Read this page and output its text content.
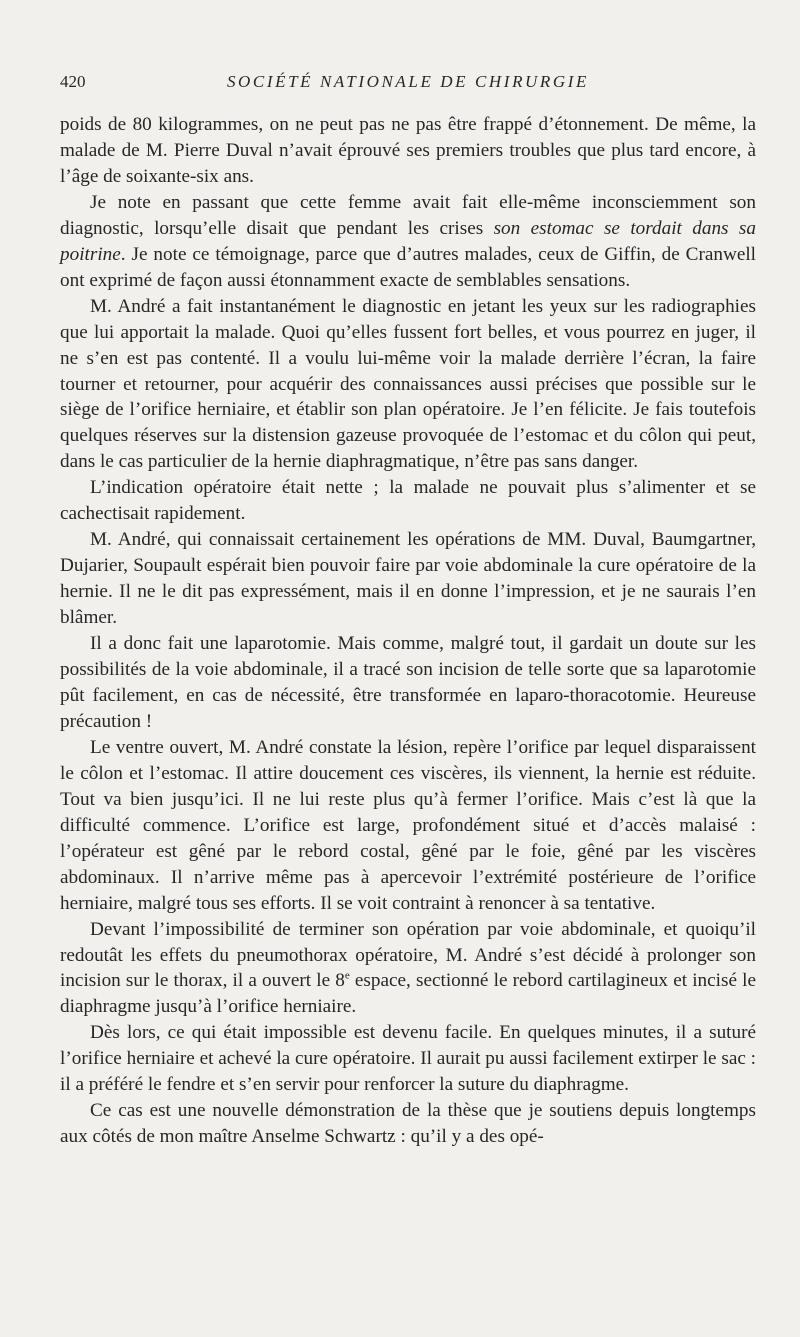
420	SOCIÉTÉ NATIONALE DE CHIRURGIE

poids de 80 kilogrammes, on ne peut pas ne pas être frappé d’étonnement. De même, la malade de M. Pierre Duval n’avait éprouvé ses premiers troubles que plus tard encore, à l’âge de soixante-six ans.

Je note en passant que cette femme avait fait elle-même inconsciemment son diagnostic, lorsqu’elle disait que pendant les crises son estomac se tordait dans sa poitrine. Je note ce témoignage, parce que d’autres malades, ceux de Giffin, de Cranwell ont exprimé de façon aussi étonnamment exacte de semblables sensations.

M. André a fait instantanément le diagnostic en jetant les yeux sur les radiographies que lui apportait la malade. Quoi qu’elles fussent fort belles, et vous pourrez en juger, il ne s’en est pas contenté. Il a voulu lui-même voir la malade derrière l’écran, la faire tourner et retourner, pour acquérir des connaissances aussi précises que possible sur le siège de l’orifice herniaire, et établir son plan opératoire. Je l’en félicite. Je fais toutefois quelques réserves sur la distension gazeuse provoquée de l’estomac et du côlon qui peut, dans le cas particulier de la hernie diaphragmatique, n’être pas sans danger.

L’indication opératoire était nette ; la malade ne pouvait plus s’alimenter et se cachectisait rapidement.

M. André, qui connaissait certainement les opérations de MM. Duval, Baumgartner, Dujarier, Soupault espérait bien pouvoir faire par voie abdominale la cure opératoire de la hernie. Il ne le dit pas expressément, mais il en donne l’impression, et je ne saurais l’en blâmer.

Il a donc fait une laparotomie. Mais comme, malgré tout, il gardait un doute sur les possibilités de la voie abdominale, il a tracé son incision de telle sorte que sa laparotomie pût facilement, en cas de nécessité, être transformée en laparo-thoracotomie. Heureuse précaution !

Le ventre ouvert, M. André constate la lésion, repère l’orifice par lequel disparaissent le côlon et l’estomac. Il attire doucement ces viscères, ils viennent, la hernie est réduite. Tout va bien jusqu’ici. Il ne lui reste plus qu’à fermer l’orifice. Mais c’est là que la difficulté commence. L’orifice est large, profondément situé et d’accès malaisé : l’opérateur est gêné par le rebord costal, gêné par le foie, gêné par les viscères abdominaux. Il n’arrive même pas à apercevoir l’extrémité postérieure de l’orifice herniaire, malgré tous ses efforts. Il se voit contraint à renoncer à sa tentative.

Devant l’impossibilité de terminer son opération par voie abdominale, et quoiqu’il redoutât les effets du pneumothorax opératoire, M. André s’est décidé à prolonger son incision sur le thorax, il a ouvert le 8e espace, sectionné le rebord cartilagineux et incisé le diaphragme jusqu’à l’orifice herniaire.

Dès lors, ce qui était impossible est devenu facile. En quelques minutes, il a suturé l’orifice herniaire et achevé la cure opératoire. Il aurait pu aussi facilement extirper le sac : il a préféré le fendre et s’en servir pour renforcer la suture du diaphragme.

Ce cas est une nouvelle démonstration de la thèse que je soutiens depuis longtemps aux côtés de mon maître Anselme Schwartz : qu’il y a des opé-
